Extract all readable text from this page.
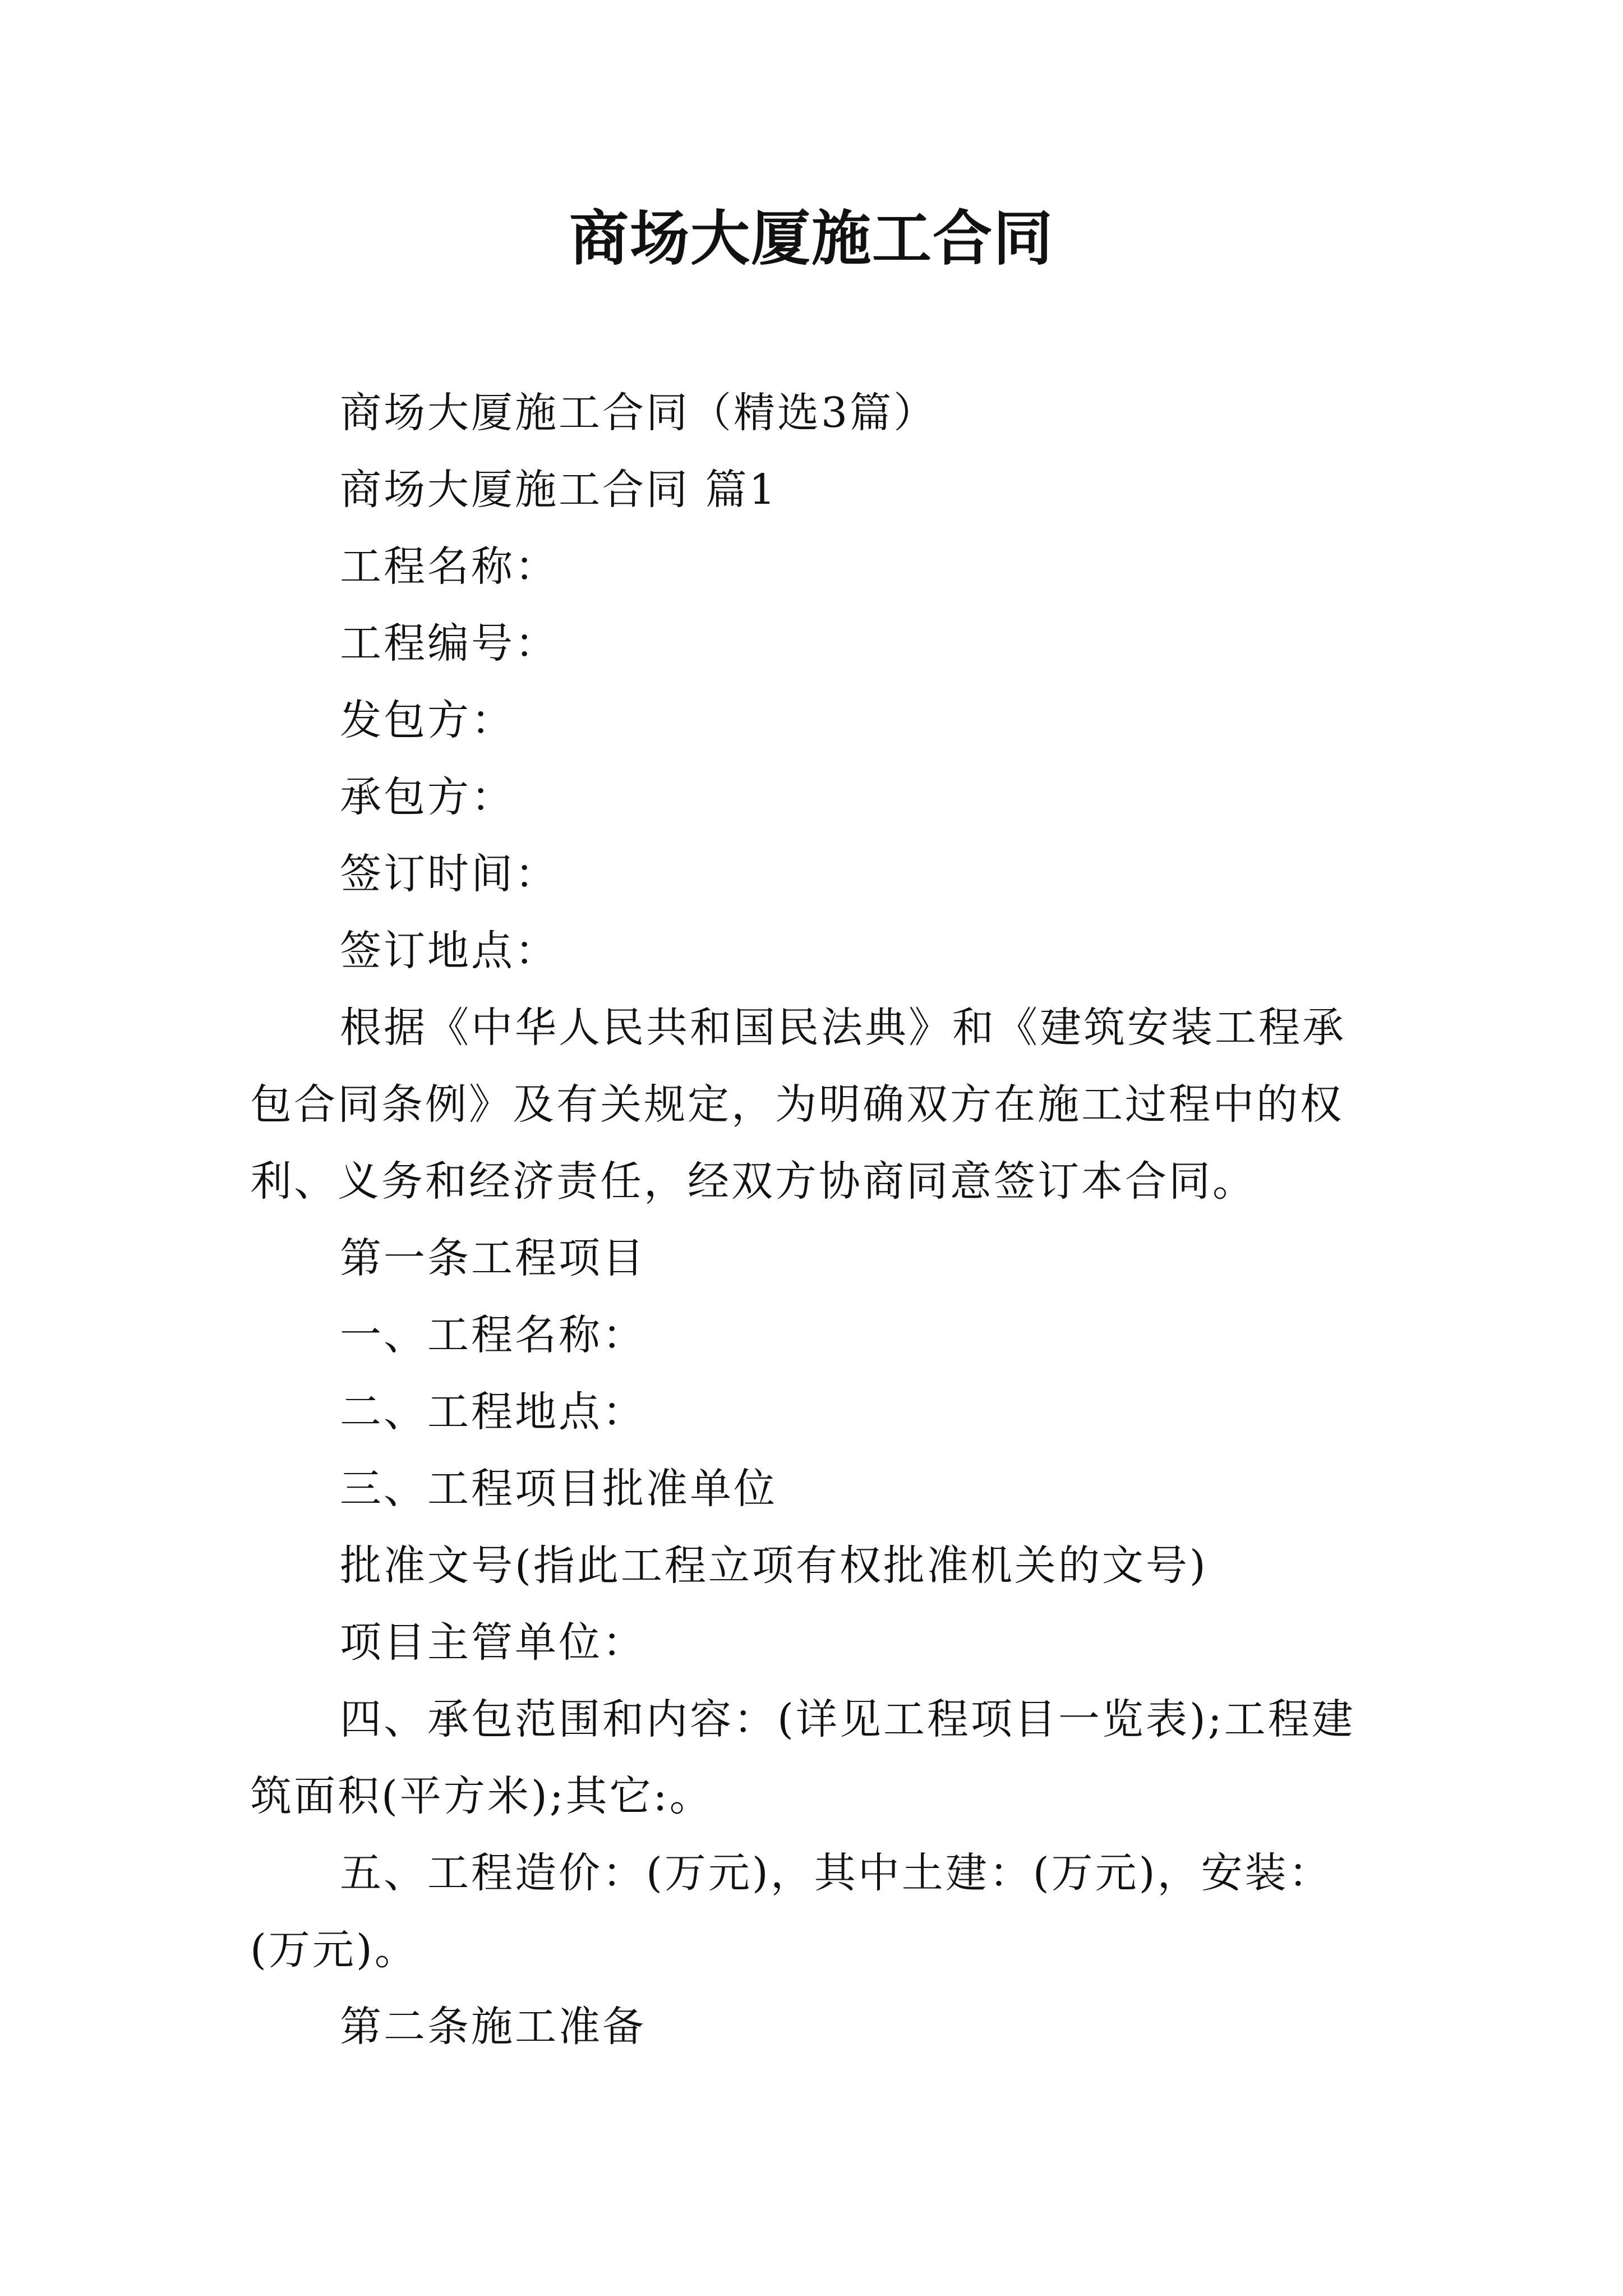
商场大厦施工合同

商场大厦施工合同（精选3篇）

商场大厦施工合同 篇1

工程名称：

工程编号：

发包方：

承包方：

签订时间：

签订地点：

根据《中华人民共和国民法典》和《建筑安装工程承包合同条例》及有关规定，为明确双方在施工过程中的权利、义务和经济责任，经双方协商同意签订本合同。

第一条工程项目

一、工程名称：

二、工程地点：

三、工程项目批准单位

批准文号(指此工程立项有权批准机关的文号)

项目主管单位：

四、承包范围和内容：(详见工程项目一览表);工程建筑面积(平方米);其它:。

五、工程造价：(万元)，其中土建：(万元)，安装：(万元)。

第二条施工准备
